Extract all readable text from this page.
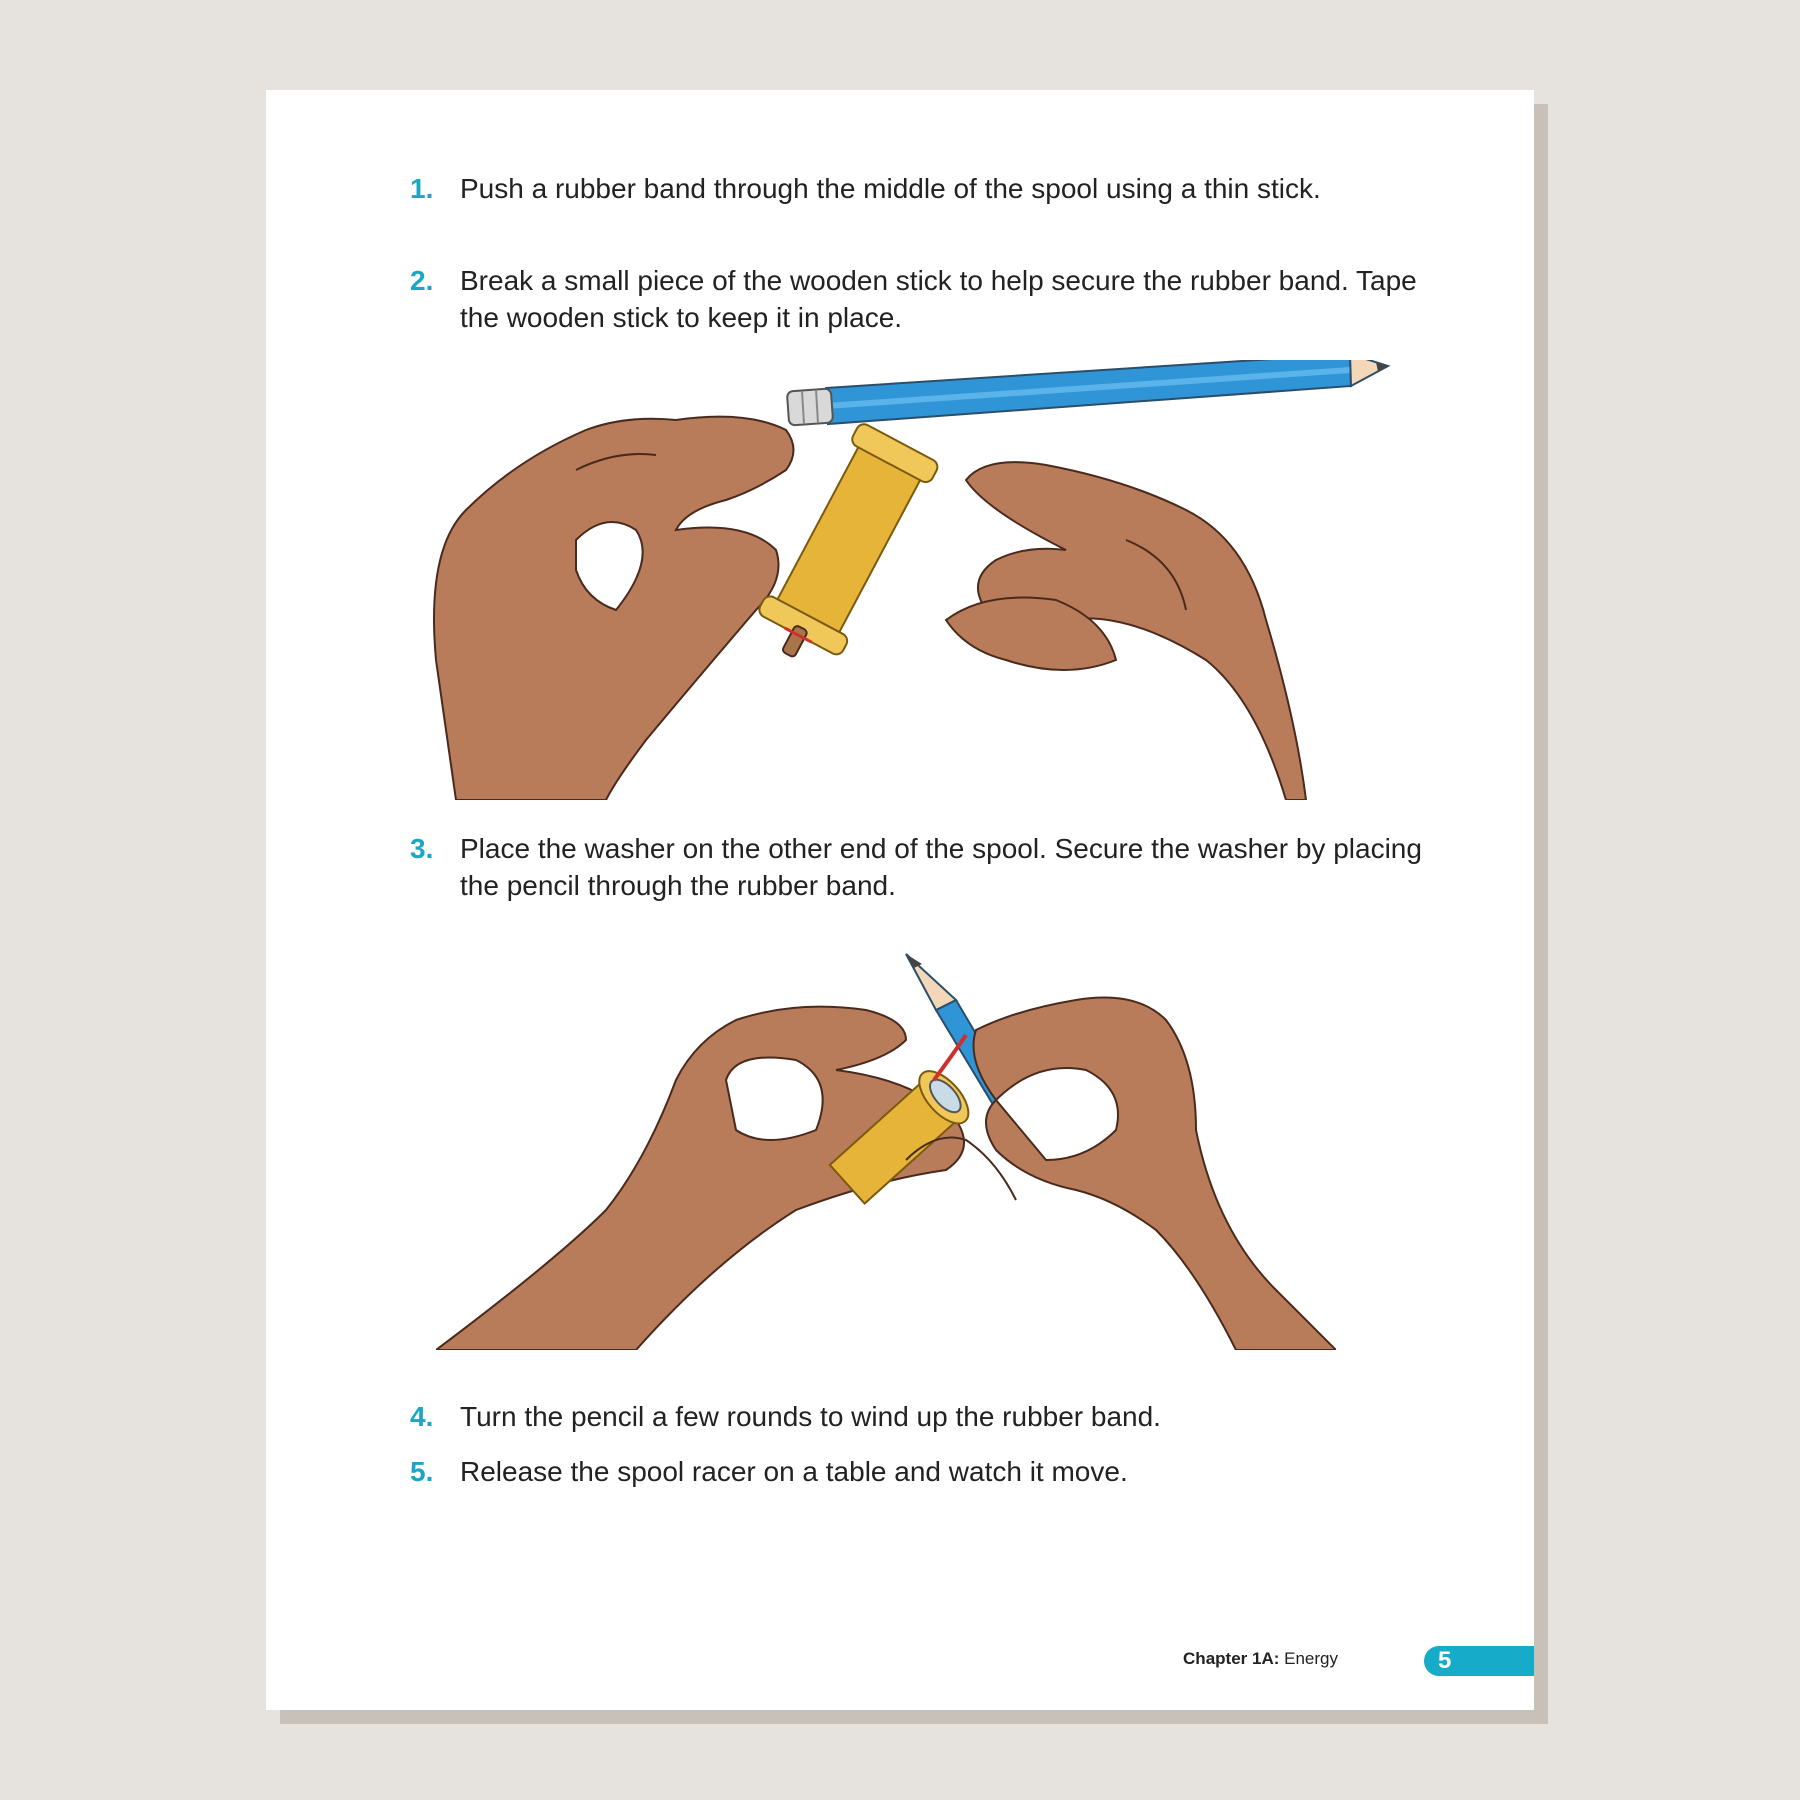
1. Push a rubber band through the middle of the spool using a thin stick.
2. Break a small piece of the wooden stick to help secure the rubber band. Tape the wooden stick to keep it in place.
3. Place the washer on the other end of the spool. Secure the washer by placing the pencil through the rubber band.
4. Turn the pencil a few rounds to wind up the rubber band.
5. Release the spool racer on a table and watch it move.
Chapter 1A: Energy	5
